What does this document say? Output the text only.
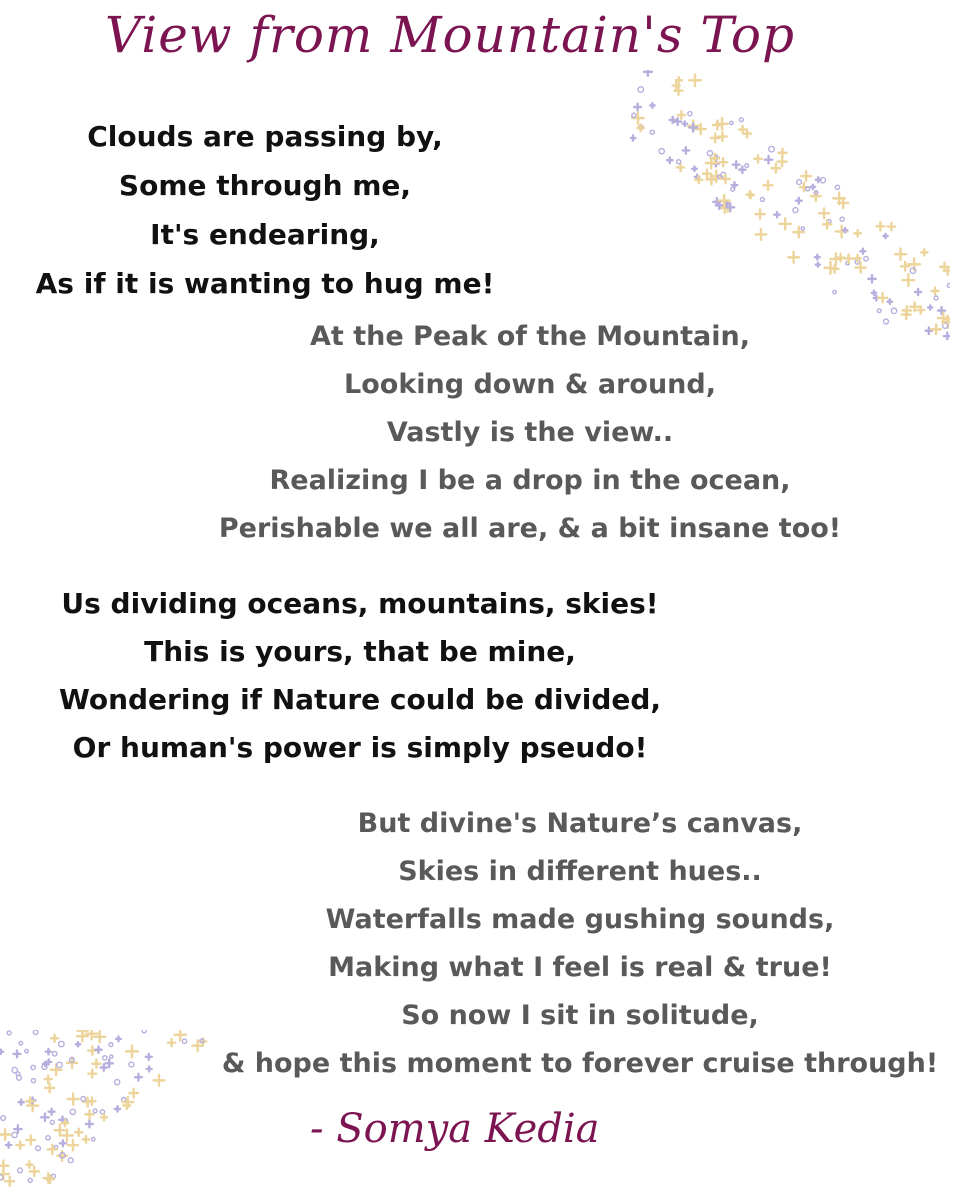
View from Mountain's Top
Clouds are passing by,
Some through me,
It's endearing,
As if it is wanting to hug me!
At the Peak of the Mountain,
Looking down & around,
Vastly is the view..
Realizing I be a drop in the ocean,
Perishable we all are, & a bit insane too!
Us dividing oceans, mountains, skies!
This is yours, that be mine,
Wondering if Nature could be divided,
Or human's power is simply pseudo!
But divine's Nature’s canvas,
Skies in different hues..
Waterfalls made gushing sounds,
Making what I feel is real & true!
So now I sit in solitude,
& hope this moment to forever cruise through!
- Somya Kedia
